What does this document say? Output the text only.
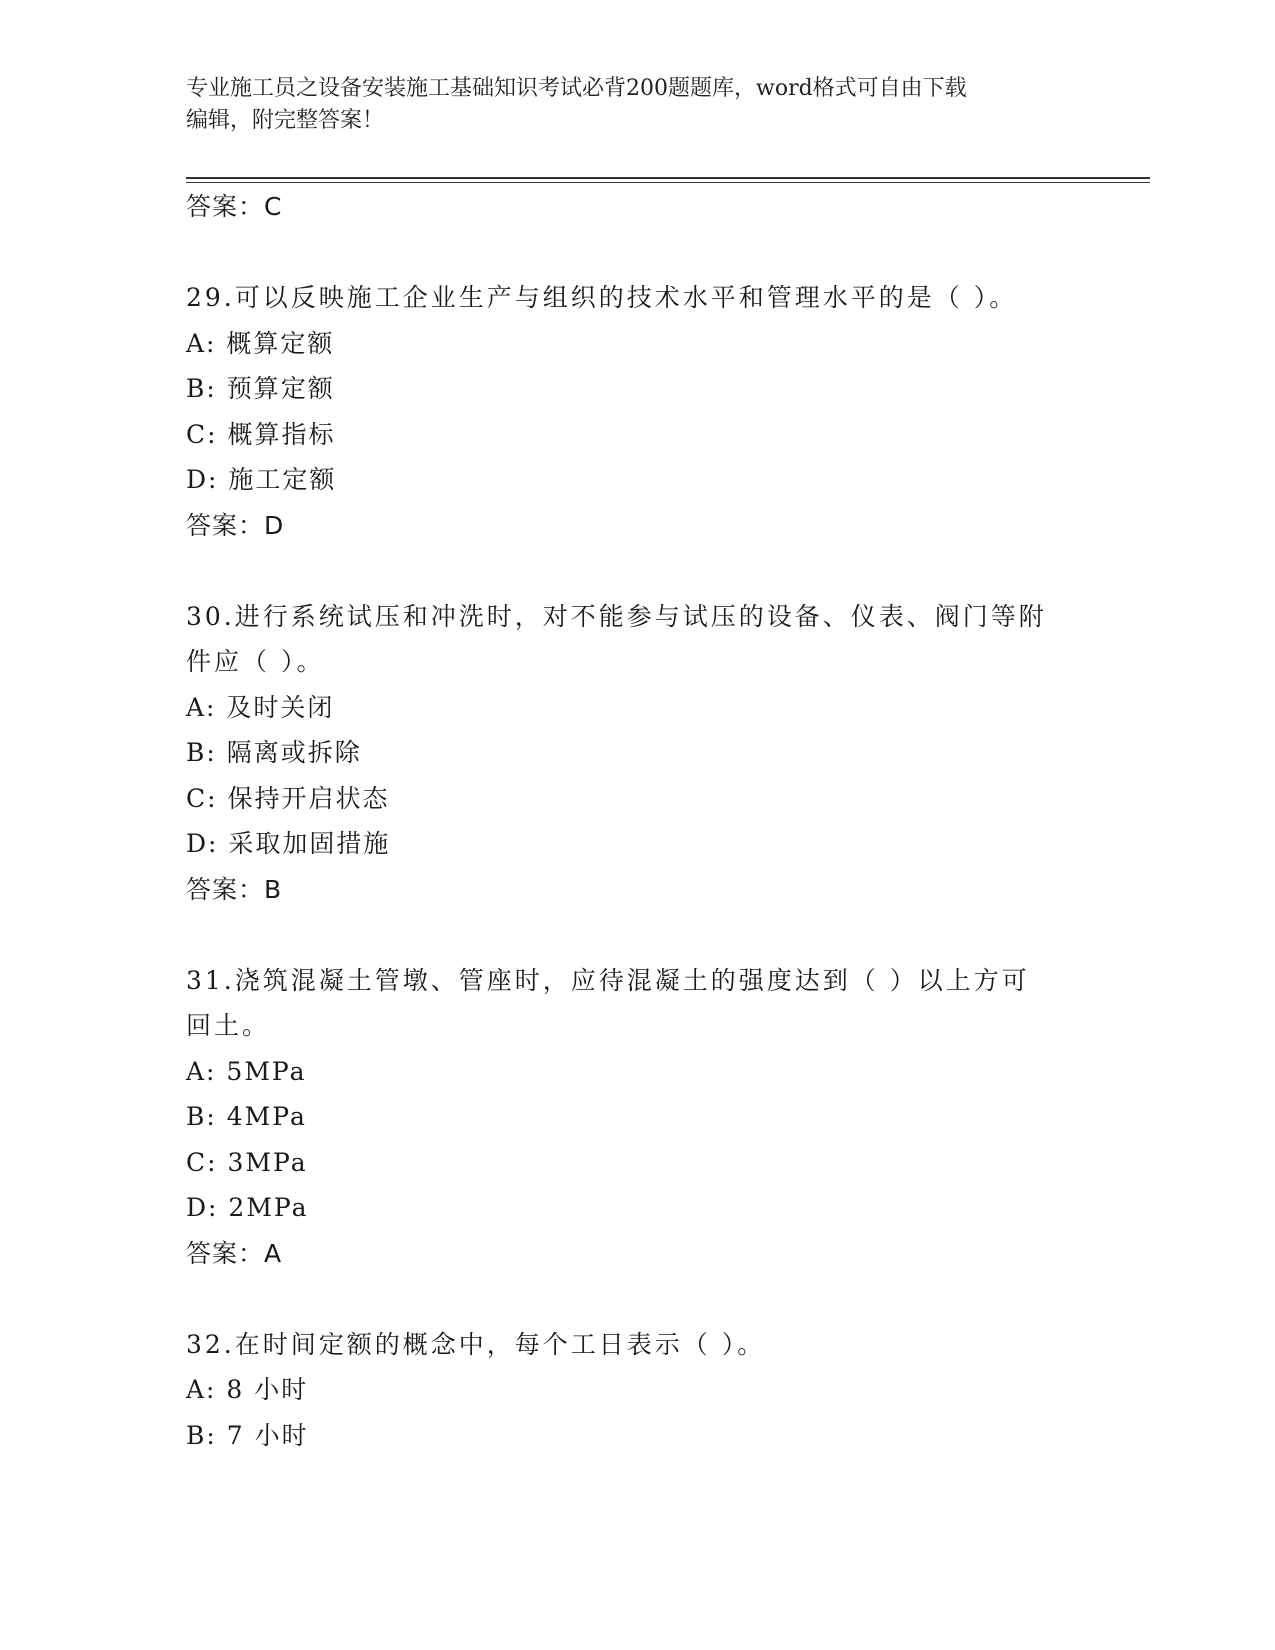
专业施工员之设备安装施工基础知识考试必背200题题库，word格式可自由下载
编辑，附完整答案！
答案：C
29.可以反映施工企业生产与组织的技术水平和管理水平的是（ ）。
A: 概算定额
B: 预算定额
C: 概算指标
D: 施工定额
答案：D
30.进行系统试压和冲洗时，对不能参与试压的设备、仪表、阀门等附
件应（ ）。
A: 及时关闭
B: 隔离或拆除
C: 保持开启状态
D: 采取加固措施
答案：B
31.浇筑混凝土管墩、管座时，应待混凝土的强度达到（ ）以上方可
回土。
A: 5MPa
B: 4MPa
C: 3MPa
D: 2MPa
答案：A
32.在时间定额的概念中，每个工日表示（ ）。
A: 8 小时
B: 7 小时
